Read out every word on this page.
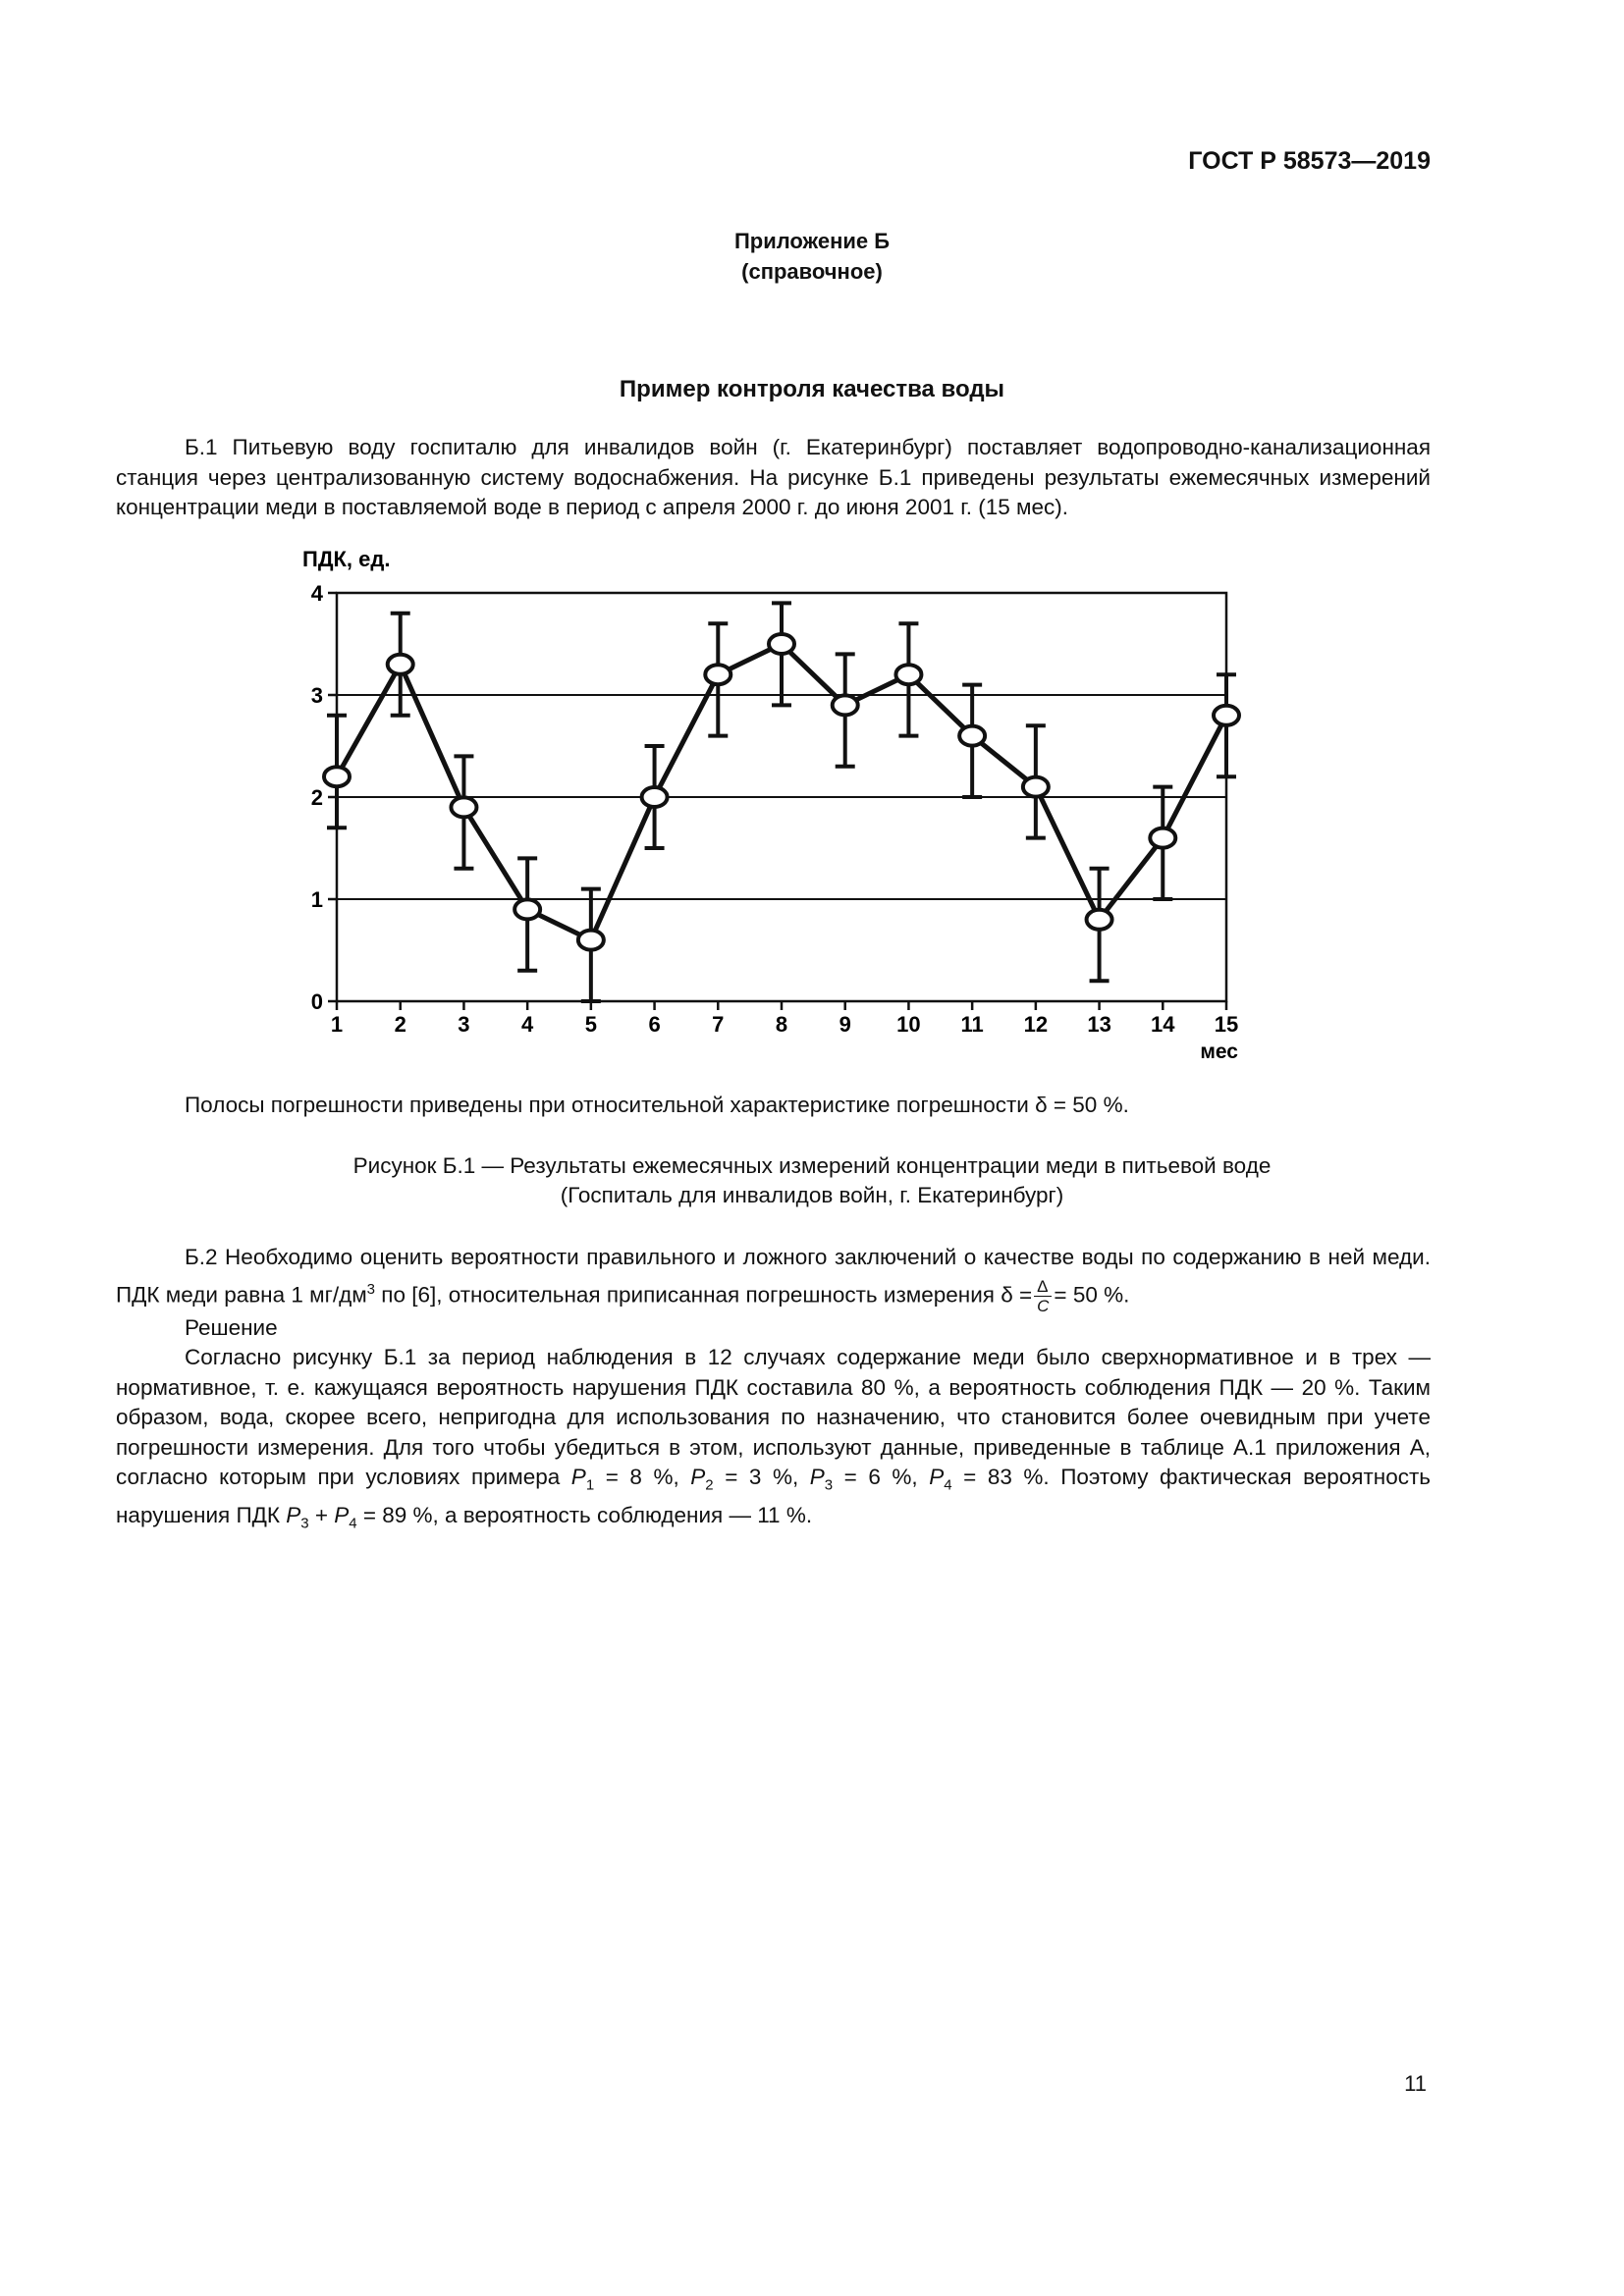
ГОСТ Р 58573—2019
Приложение Б
(справочное)
Пример контроля качества воды
Б.1 Питьевую воду госпиталю для инвалидов войн (г. Екатеринбург) поставляет водопроводно-канализационная станция через централизованную систему водоснабжения. На рисунке Б.1 приведены результаты ежемесячных измерений концентрации меди в поставляемой воде в период с апреля 2000 г. до июня 2001 г. (15 мес).
ПДК, ед.
0
1
2
3
4
1 2 3 4 5 6 7 8 9 10 11 12 13 14 15
мес
Полосы погрешности приведены при относительной характеристике погрешности δ = 50 %.
Рисунок Б.1 — Результаты ежемесячных измерений концентрации меди в питьевой воде
(Госпиталь для инвалидов войн, г. Екатеринбург)
Б.2 Необходимо оценить вероятности правильного и ложного заключений о качестве воды по содержанию в ней меди. ПДК меди равна 1 $мг/дм^3$ по [6], относительная приписанная погрешность измерения $\delta = \frac{\Delta}{C} = 50$ %.
Решение
Согласно рисунку Б.1 за период наблюдения в 12 случаях содержание меди было сверхнормативное и в трех — нормативное, т. е. кажущаяся вероятность нарушения ПДК составила 80 %, а вероятность соблюдения ПДК — 20 %. Таким образом, вода, скорее всего, непригодна для использования по назначению, что становится более очевидным при учете погрешности измерения. Для того чтобы убедиться в этом, используют данные, приведенные в таблице А.1 приложения А, согласно которым при условиях примера $P_1 = 8$ %, $P_2 = 3$ %, $P_3 = 6$ %, $P_4 = 83$ %. Поэтому фактическая вероятность нарушения ПДК $P_3 + P_4 = 89$ %, а вероятность соблюдения — 11 %.
11
